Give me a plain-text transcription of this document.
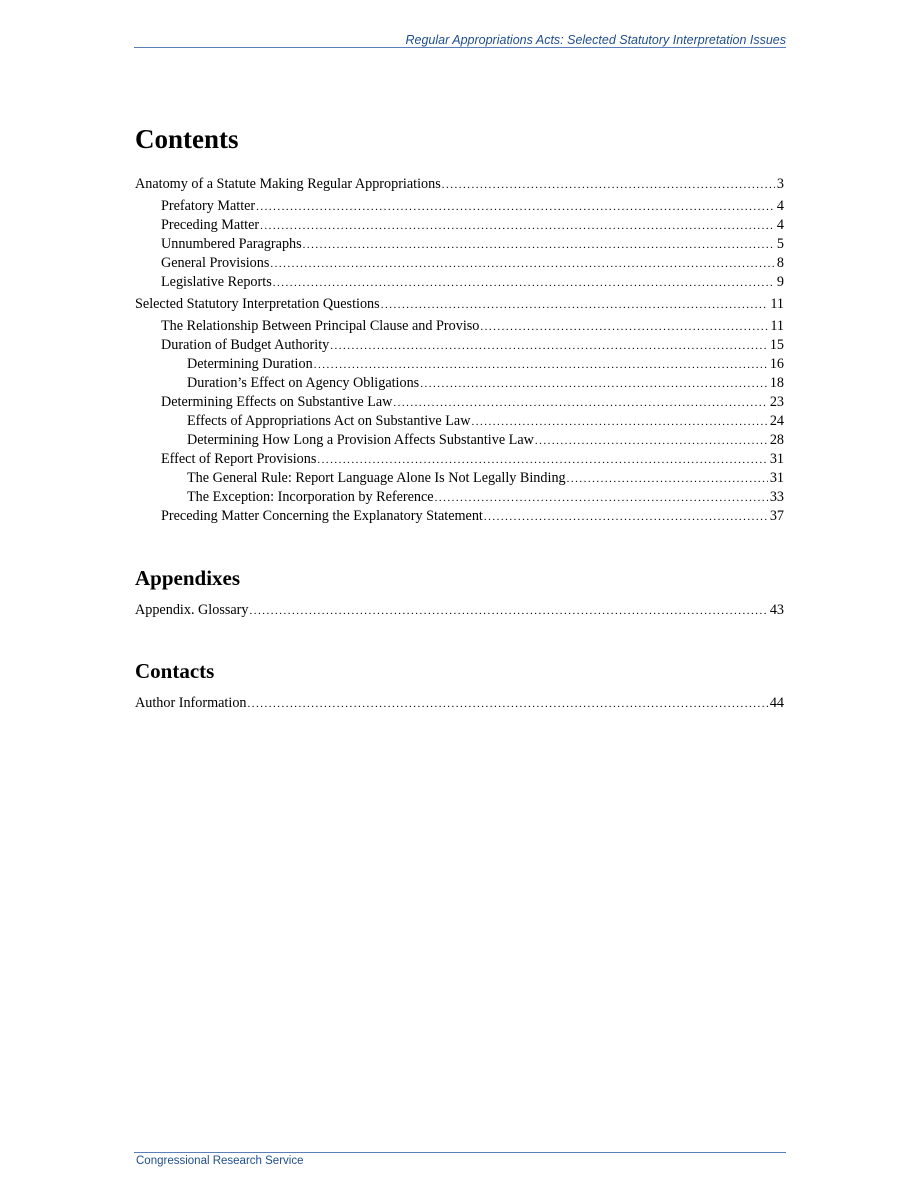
Regular Appropriations Acts: Selected Statutory Interpretation Issues
Contents
Anatomy of a Statute Making Regular Appropriations .....	3
Prefatory Matter .....	4
Preceding Matter .....	4
Unnumbered Paragraphs .....	5
General Provisions .....	8
Legislative Reports .....	9
Selected Statutory Interpretation Questions .....	11
The Relationship Between Principal Clause and Proviso .....	11
Duration of Budget Authority .....	15
Determining Duration .....	16
Duration’s Effect on Agency Obligations .....	18
Determining Effects on Substantive Law .....	23
Effects of Appropriations Act on Substantive Law .....	24
Determining How Long a Provision Affects Substantive Law .....	28
Effect of Report Provisions .....	31
The General Rule: Report Language Alone Is Not Legally Binding .....	31
The Exception: Incorporation by Reference .....	33
Preceding Matter Concerning the Explanatory Statement .....	37
Appendixes
Appendix. Glossary .....	43
Contacts
Author Information .....	44
Congressional Research Service
